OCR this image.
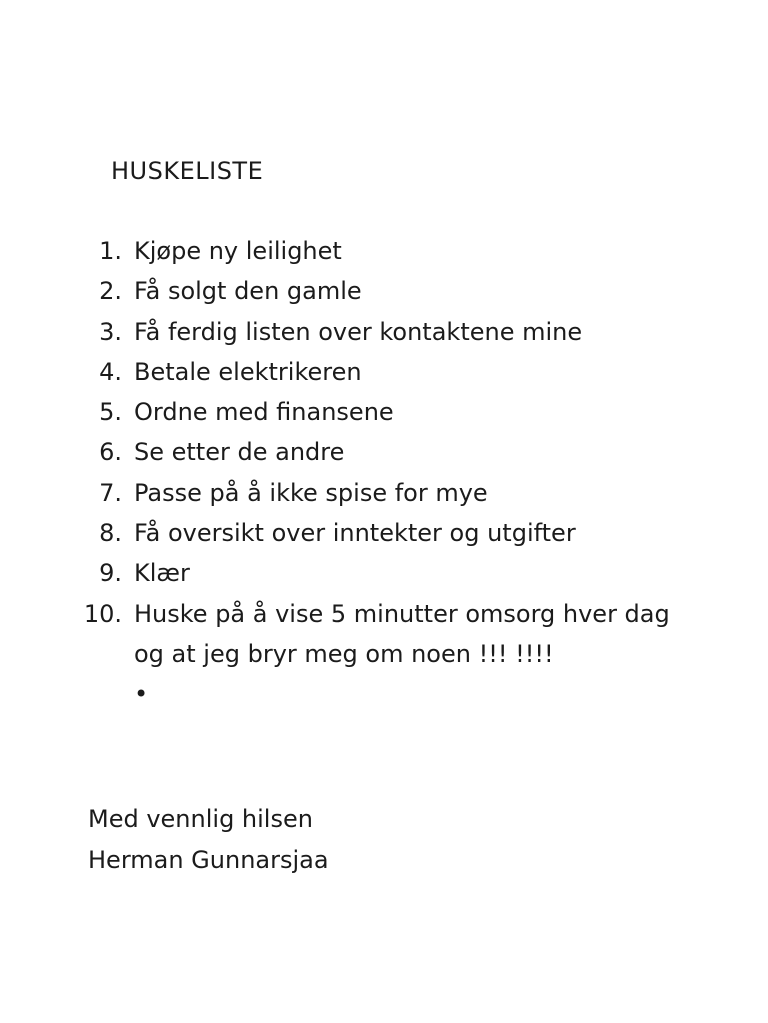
HUSKELISTE
1. Kjøpe ny leilighet
2. Få solgt den gamle
3. Få ferdig listen over kontaktene mine
4. Betale elektrikeren
5. Ordne med finansene
6. Se etter de andre
7. Passe på å ikke spise for mye
8. Få oversikt over inntekter og utgifter
9. Klær
10. Huske på å vise 5 minutter omsorg hver dag
og at jeg bryr meg om noen !!! !!!!
•
Med vennlig hilsen
Herman Gunnarsjaa
